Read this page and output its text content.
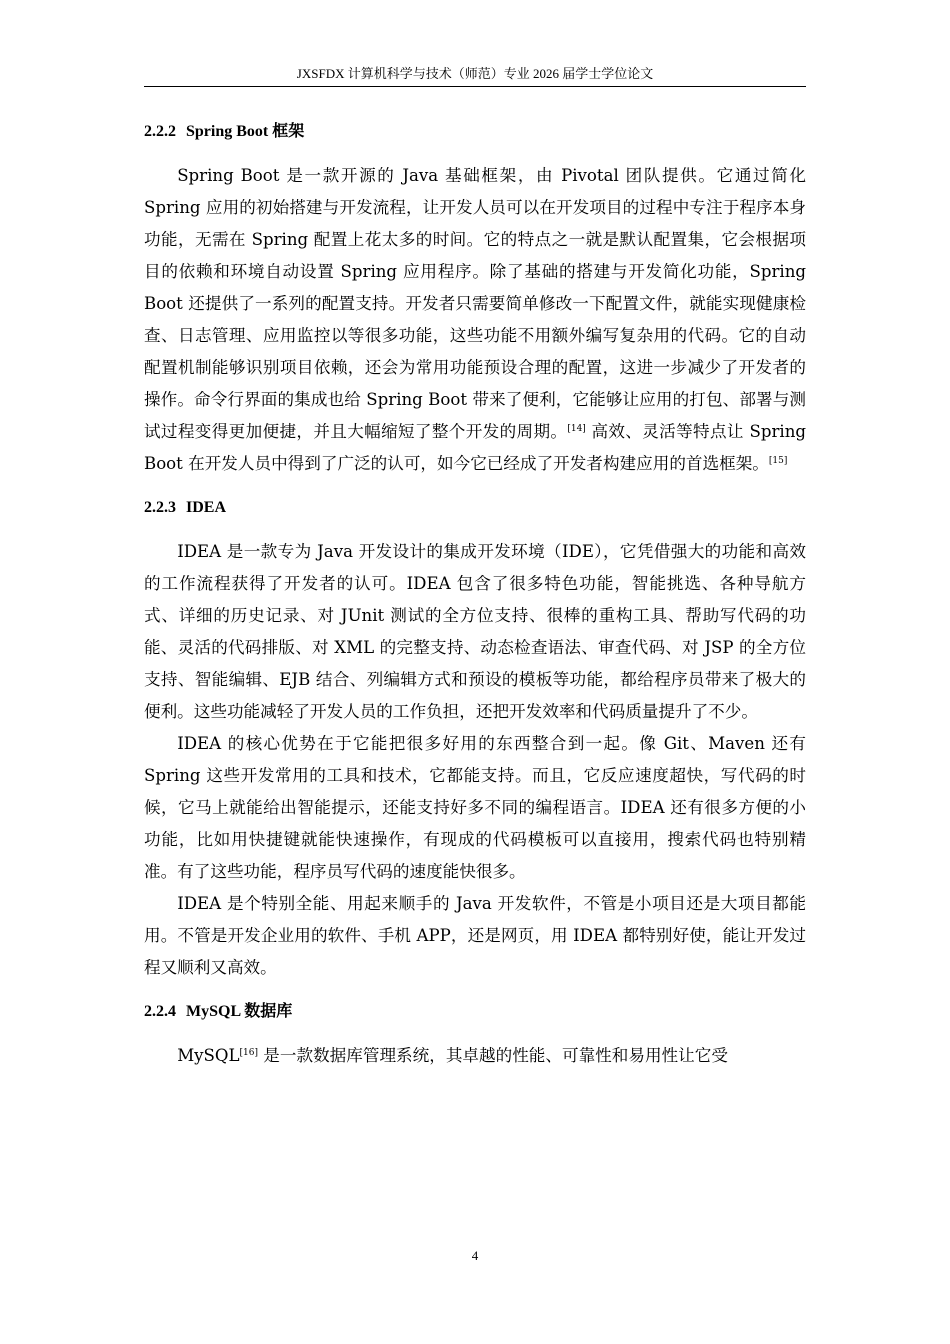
JXSFDX 计算机科学与技术（师范）专业 2026 届学士学位论文
2.2.2 Spring Boot 框架

Spring Boot 是一款开源的 Java 基础框架，由 Pivotal 团队提供。它通过简化 Spring 应用的初始搭建与开发流程，让开发人员可以在开发项目的过程中专注于程序本身功能，无需在 Spring 配置上花太多的时间。它的特点之一就是默认配置集，它会根据项目的依赖和环境自动设置 Spring 应用程序。除了基础的搭建与开发简化功能，Spring Boot 还提供了一系列的配置支持。开发者只需要简单修改一下配置文件，就能实现健康检查、日志管理、应用监控以等很多功能，这些功能不用额外编写复杂用的代码。它的自动配置机制能够识别项目依赖，还会为常用功能预设合理的配置，这进一步减少了开发者的操作。命令行界面的集成也给 Spring Boot 带来了便利，它能够让应用的打包、部署与测试过程变得更加便捷，并且大幅缩短了整个开发的周期。[14] 高效、灵活等特点让 Spring Boot 在开发人员中得到了广泛的认可，如今它已经成了开发者构建应用的首选框架。[15]

2.2.3 IDEA

IDEA 是一款专为 Java 开发设计的集成开发环境（IDE），它凭借强大的功能和高效的工作流程获得了开发者的认可。IDEA 包含了很多特色功能，智能挑选、各种导航方式、详细的历史记录、对 JUnit 测试的全方位支持、很棒的重构工具、帮助写代码的功能、灵活的代码排版、对 XML 的完整支持、动态检查语法、审查代码、对 JSP 的全方位支持、智能编辑、EJB 结合、列编辑方式和预设的模板等功能，都给程序员带来了极大的便利。这些功能减轻了开发人员的工作负担，还把开发效率和代码质量提升了不少。

IDEA 的核心优势在于它能把很多好用的东西整合到一起。像 Git、Maven 还有 Spring 这些开发常用的工具和技术，它都能支持。而且，它反应速度超快，写代码的时候，它马上就能给出智能提示，还能支持好多不同的编程语言。IDEA 还有很多方便的小功能，比如用快捷键就能快速操作，有现成的代码模板可以直接用，搜索代码也特别精准。有了这些功能，程序员写代码的速度能快很多。

IDEA 是个特别全能、用起来顺手的 Java 开发软件，不管是小项目还是大项目都能用。不管是开发企业用的软件、手机 APP，还是网页，用 IDEA 都特别好使，能让开发过程又顺利又高效。

2.2.4 MySQL 数据库

MySQL[16] 是一款数据库管理系统，其卓越的性能、可靠性和易用性让它受

4
